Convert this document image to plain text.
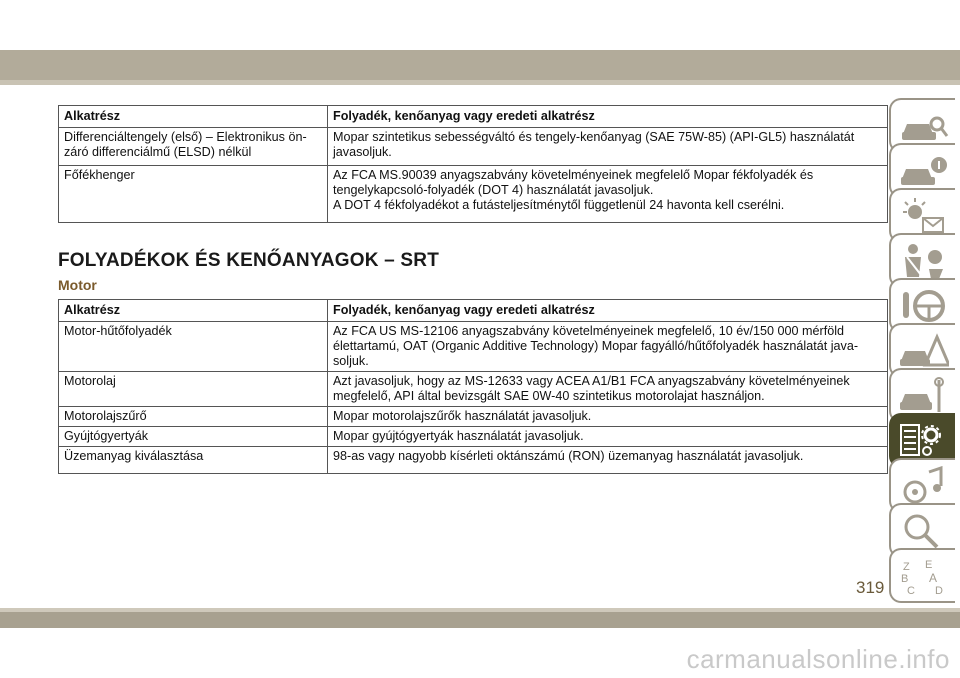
Alkatrész	Folyadék, kenőanyag vagy eredeti alkatrész
Differenciáltengely (első) – Elektronikus ön-
záró differenciálmű (ELSD) nélkül	Mopar szintetikus sebességváltó és tengely-kenőanyag (SAE 75W-85) (API-GL5) használatát
javasoljuk.
Főfékhenger	Az FCA MS.90039 anyagszabvány követelményeinek megfelelő Mopar fékfolyadék és
tengelykapcsoló-folyadék (DOT 4) használatát javasoljuk.
A DOT 4 fékfolyadékot a futásteljesítménytől függetlenül 24 havonta kell cserélni.
FOLYADÉKOK ÉS KENŐANYAGOK – SRT
Motor
Alkatrész	Folyadék, kenőanyag vagy eredeti alkatrész
Motor-hűtőfolyadék	Az FCA US MS-12106 anyagszabvány követelményeinek megfelelő, 10 év/150 000 mérföld
élettartamú, OAT (Organic Additive Technology) Mopar fagyálló/hűtőfolyadék használatát java-
soljuk.
Motorolaj	Azt javasoljuk, hogy az MS-12633 vagy ACEA A1/B1 FCA anyagszabvány követelményeinek
megfelelő, API által bevizsgált SAE 0W-40 szintetikus motorolajat használjon.
Motorolajszűrő	Mopar motorolajszűrők használatát javasoljuk.
Gyújtógyertyák	Mopar gyújtógyertyák használatát javasoljuk.
Üzemanyag kiválasztása	98-as vagy nagyobb kísérleti oktánszámú (RON) üzemanyag használatát javasoljuk.
Z E
B A
C D
319
carmanualsonline.info
